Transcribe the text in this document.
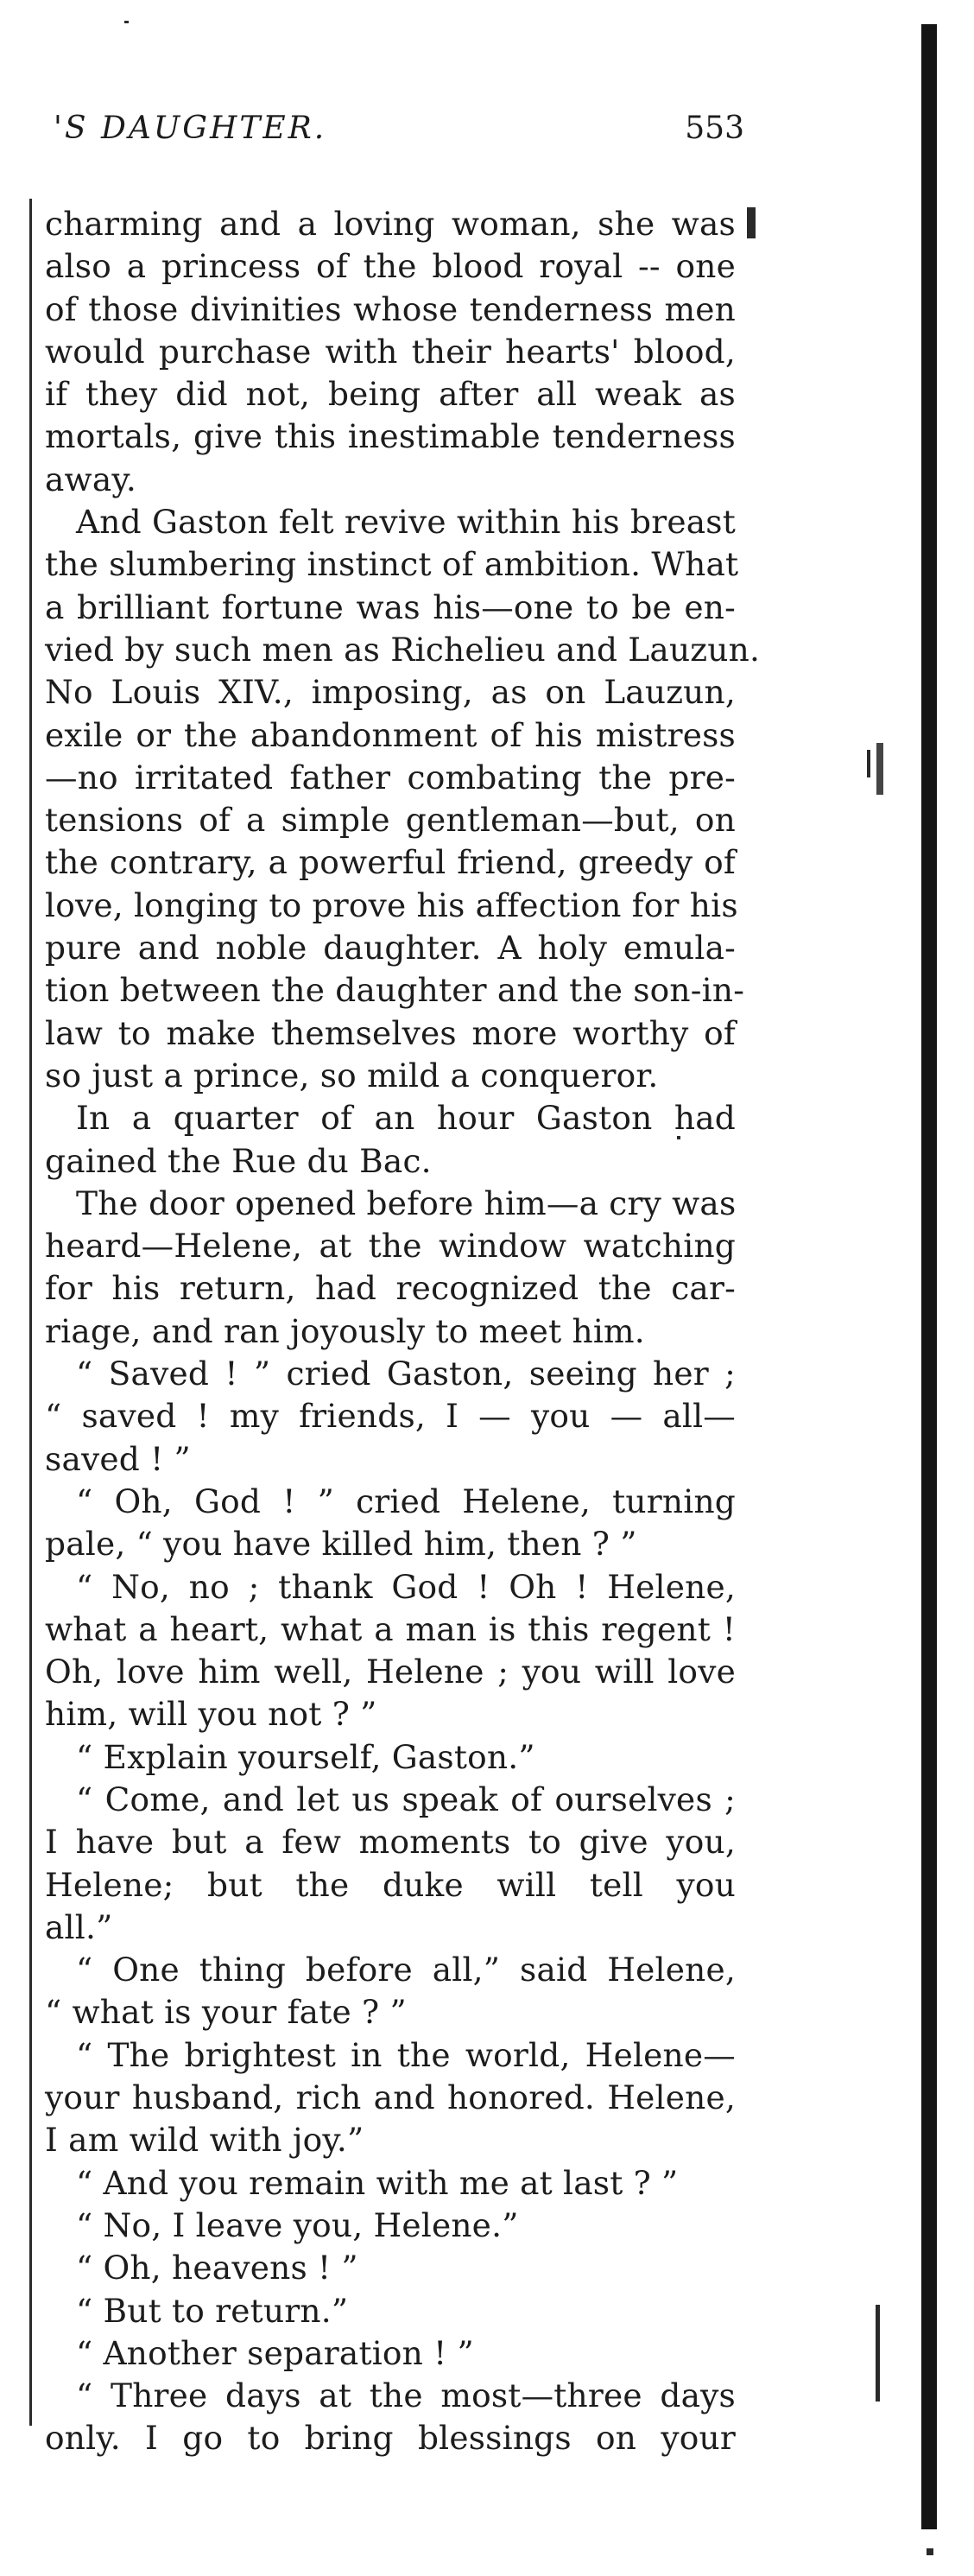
'S DAUGHTER.	553
charming and a loving woman, she was
also a princess of the blood royal -- one
of those divinities whose tenderness men
would purchase with their hearts' blood,
if they did not, being after all weak as
mortals, give this inestimable tenderness
away.
And Gaston felt revive within his breast
the slumbering instinct of ambition. What
a brilliant fortune was his—one to be en-
vied by such men as Richelieu and Lauzun.
No Louis XIV., imposing, as on Lauzun,
exile or the abandonment of his mistress
—no irritated father combating the pre-
tensions of a simple gentleman—but, on
the contrary, a powerful friend, greedy of
love, longing to prove his affection for his
pure and noble daughter. A holy emula-
tion between the daughter and the son-in-
law to make themselves more worthy of
so just a prince, so mild a conqueror.
In a quarter of an hour Gaston had
gained the Rue du Bac.
The door opened before him—a cry was
heard—Helene, at the window watching
for his return, had recognized the car-
riage, and ran joyously to meet him.
“ Saved ! ” cried Gaston, seeing her ;
“ saved ! my friends, I — you — all—
saved ! ”
“ Oh, God ! ” cried Helene, turning
pale, “ you have killed him, then ? ”
“ No, no ; thank God ! Oh ! Helene,
what a heart, what a man is this regent !
Oh, love him well, Helene ; you will love
him, will you not ? ”
“ Explain yourself, Gaston.”
“ Come, and let us speak of ourselves ;
I have but a few moments to give you,
Helene; but the duke will tell you
all.”
“ One thing before all,” said Helene,
“ what is your fate ? ”
“ The brightest in the world, Helene—
your husband, rich and honored. Helene,
I am wild with joy.”
“ And you remain with me at last ? ”
“ No, I leave you, Helene.”
“ Oh, heavens ! ”
“ But to return.”
“ Another separation ! ”
“ Three days at the most—three days
only. I go to bring blessings on your
